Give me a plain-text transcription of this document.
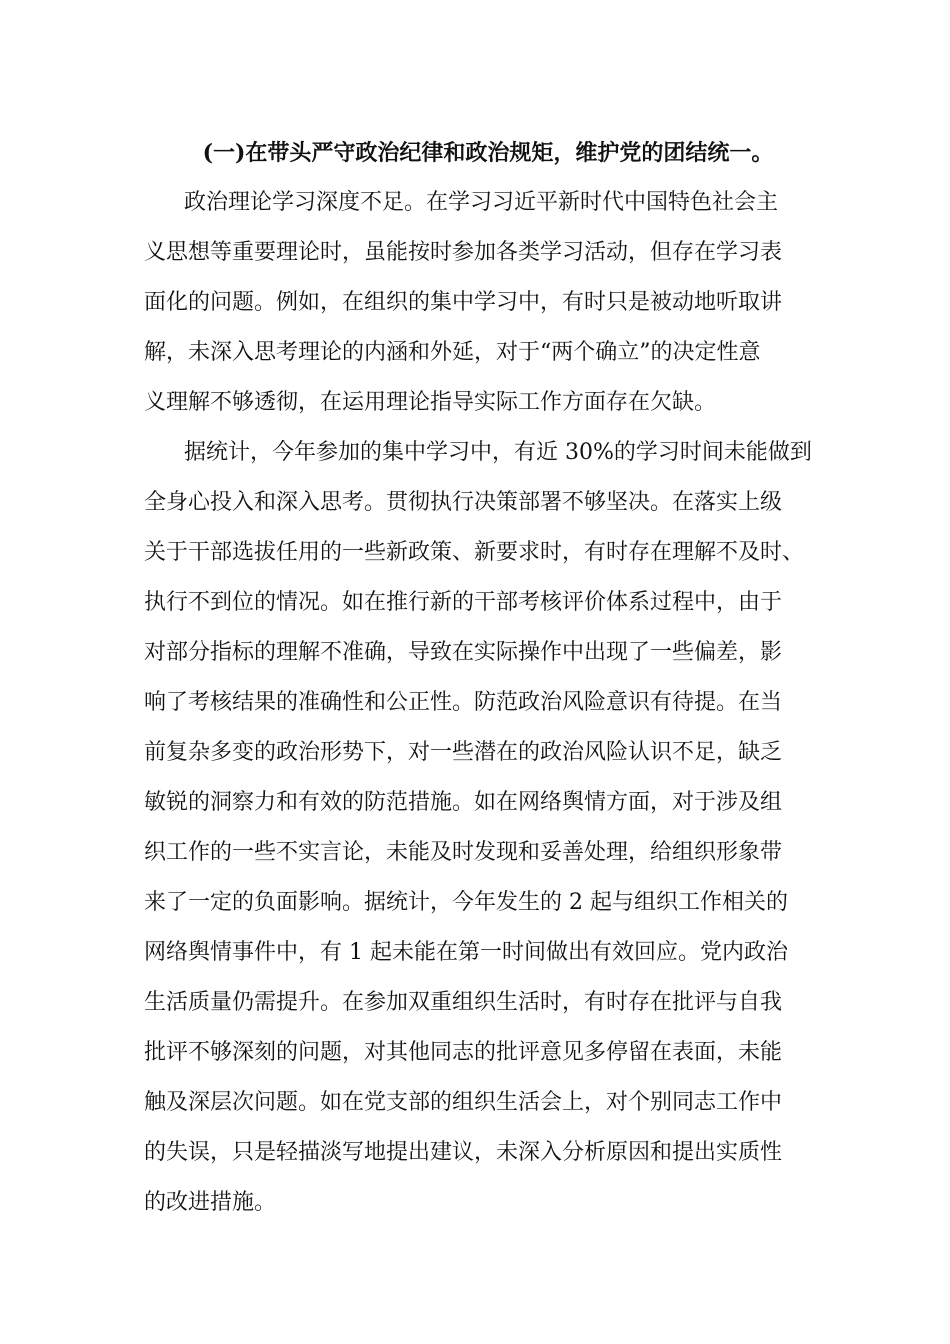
(一)在带头严守政治纪律和政治规矩，维护党的团结统一。
政治理论学习深度不足。在学习习近平新时代中国特色社会主
义思想等重要理论时，虽能按时参加各类学习活动，但存在学习表
面化的问题。例如，在组织的集中学习中，有时只是被动地听取讲
解，未深入思考理论的内涵和外延，对于“两个确立”的决定性意
义理解不够透彻，在运用理论指导实际工作方面存在欠缺。
据统计，今年参加的集中学习中，有近 30%的学习时间未能做到
全身心投入和深入思考。贯彻执行决策部署不够坚决。在落实上级
关于干部选拔任用的一些新政策、新要求时，有时存在理解不及时、
执行不到位的情况。如在推行新的干部考核评价体系过程中，由于
对部分指标的理解不准确，导致在实际操作中出现了一些偏差，影
响了考核结果的准确性和公正性。防范政治风险意识有待提。在当
前复杂多变的政治形势下，对一些潜在的政治风险认识不足，缺乏
敏锐的洞察力和有效的防范措施。如在网络舆情方面，对于涉及组
织工作的一些不实言论，未能及时发现和妥善处理，给组织形象带
来了一定的负面影响。据统计，今年发生的 2 起与组织工作相关的
网络舆情事件中，有 1 起未能在第一时间做出有效回应。党内政治
生活质量仍需提升。在参加双重组织生活时，有时存在批评与自我
批评不够深刻的问题，对其他同志的批评意见多停留在表面，未能
触及深层次问题。如在党支部的组织生活会上，对个别同志工作中
的失误，只是轻描淡写地提出建议，未深入分析原因和提出实质性
的改进措施。
